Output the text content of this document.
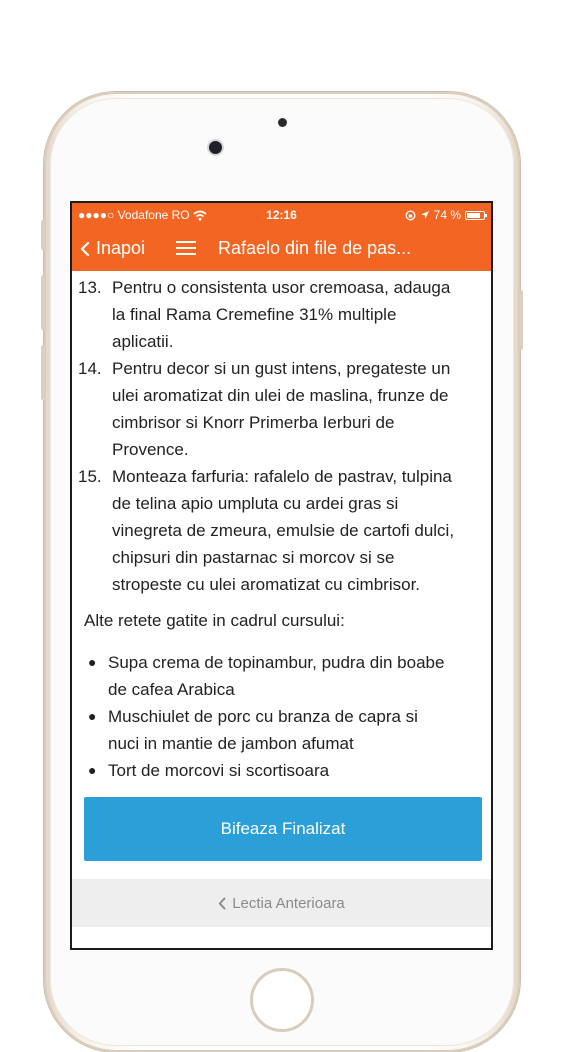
●●●●○ Vodafone RO	12:16	74 %
Inapoi	Rafaelo din file de pas...
13. Pentru o consistenta usor cremoasa, adauga
la final Rama Cremefine 31% multiple
aplicatii.
14. Pentru decor si un gust intens, pregateste un
ulei aromatizat din ulei de maslina, frunze de
cimbrisor si Knorr Primerba Ierburi de
Provence.
15. Monteaza farfuria: rafalelo de pastrav, tulpina
de telina apio umpluta cu ardei gras si
vinegreta de zmeura, emulsie de cartofi dulci,
chipsuri din pastarnac si morcov si se
stropeste cu ulei aromatizat cu cimbrisor.
Alte retete gatite in cadrul cursului:
● Supa crema de topinambur, pudra din boabe
de cafea Arabica
● Muschiulet de porc cu branza de capra si
nuci in mantie de jambon afumat
● Tort de morcovi si scortisoara
Bifeaza Finalizat
Lectia Anterioara
